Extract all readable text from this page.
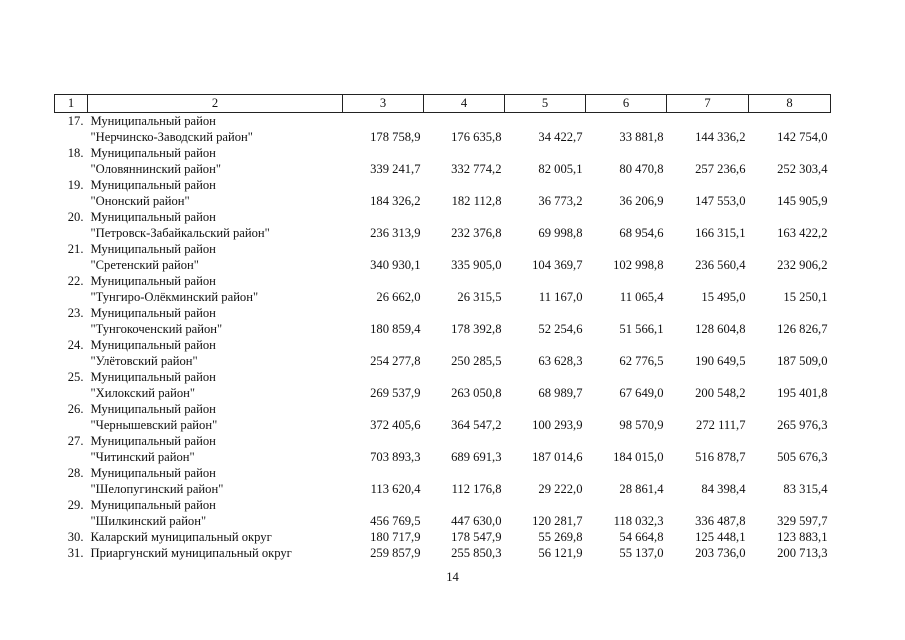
1	2	3	4	5	6	7	8
17.	Муниципальный район						
	"Нерчинско-Заводский район"	178 758,9	176 635,8	34 422,7	33 881,8	144 336,2	142 754,0
18.	Муниципальный район						
	"Оловяннинский район"	339 241,7	332 774,2	82 005,1	80 470,8	257 236,6	252 303,4
19.	Муниципальный район						
	"Ононский район"	184 326,2	182 112,8	36 773,2	36 206,9	147 553,0	145 905,9
20.	Муниципальный район						
	"Петровск-Забайкальский район"	236 313,9	232 376,8	69 998,8	68 954,6	166 315,1	163 422,2
21.	Муниципальный район						
	"Сретенский район"	340 930,1	335 905,0	104 369,7	102 998,8	236 560,4	232 906,2
22.	Муниципальный район						
	"Тунгиро-Олёкминский район"	26 662,0	26 315,5	11 167,0	11 065,4	15 495,0	15 250,1
23.	Муниципальный район						
	"Тунгокоченский район"	180 859,4	178 392,8	52 254,6	51 566,1	128 604,8	126 826,7
24.	Муниципальный район						
	"Улётовский район"	254 277,8	250 285,5	63 628,3	62 776,5	190 649,5	187 509,0
25.	Муниципальный район						
	"Хилокский район"	269 537,9	263 050,8	68 989,7	67 649,0	200 548,2	195 401,8
26.	Муниципальный район						
	"Чернышевский район"	372 405,6	364 547,2	100 293,9	98 570,9	272 111,7	265 976,3
27.	Муниципальный район						
	"Читинский район"	703 893,3	689 691,3	187 014,6	184 015,0	516 878,7	505 676,3
28.	Муниципальный район						
	"Шелопугинский район"	113 620,4	112 176,8	29 222,0	28 861,4	84 398,4	83 315,4
29.	Муниципальный район						
	"Шилкинский район"	456 769,5	447 630,0	120 281,7	118 032,3	336 487,8	329 597,7
30.	Каларский муниципальный округ	180 717,9	178 547,9	55 269,8	54 664,8	125 448,1	123 883,1
31.	Приаргунский муниципальный округ	259 857,9	255 850,3	56 121,9	55 137,0	203 736,0	200 713,3
14
